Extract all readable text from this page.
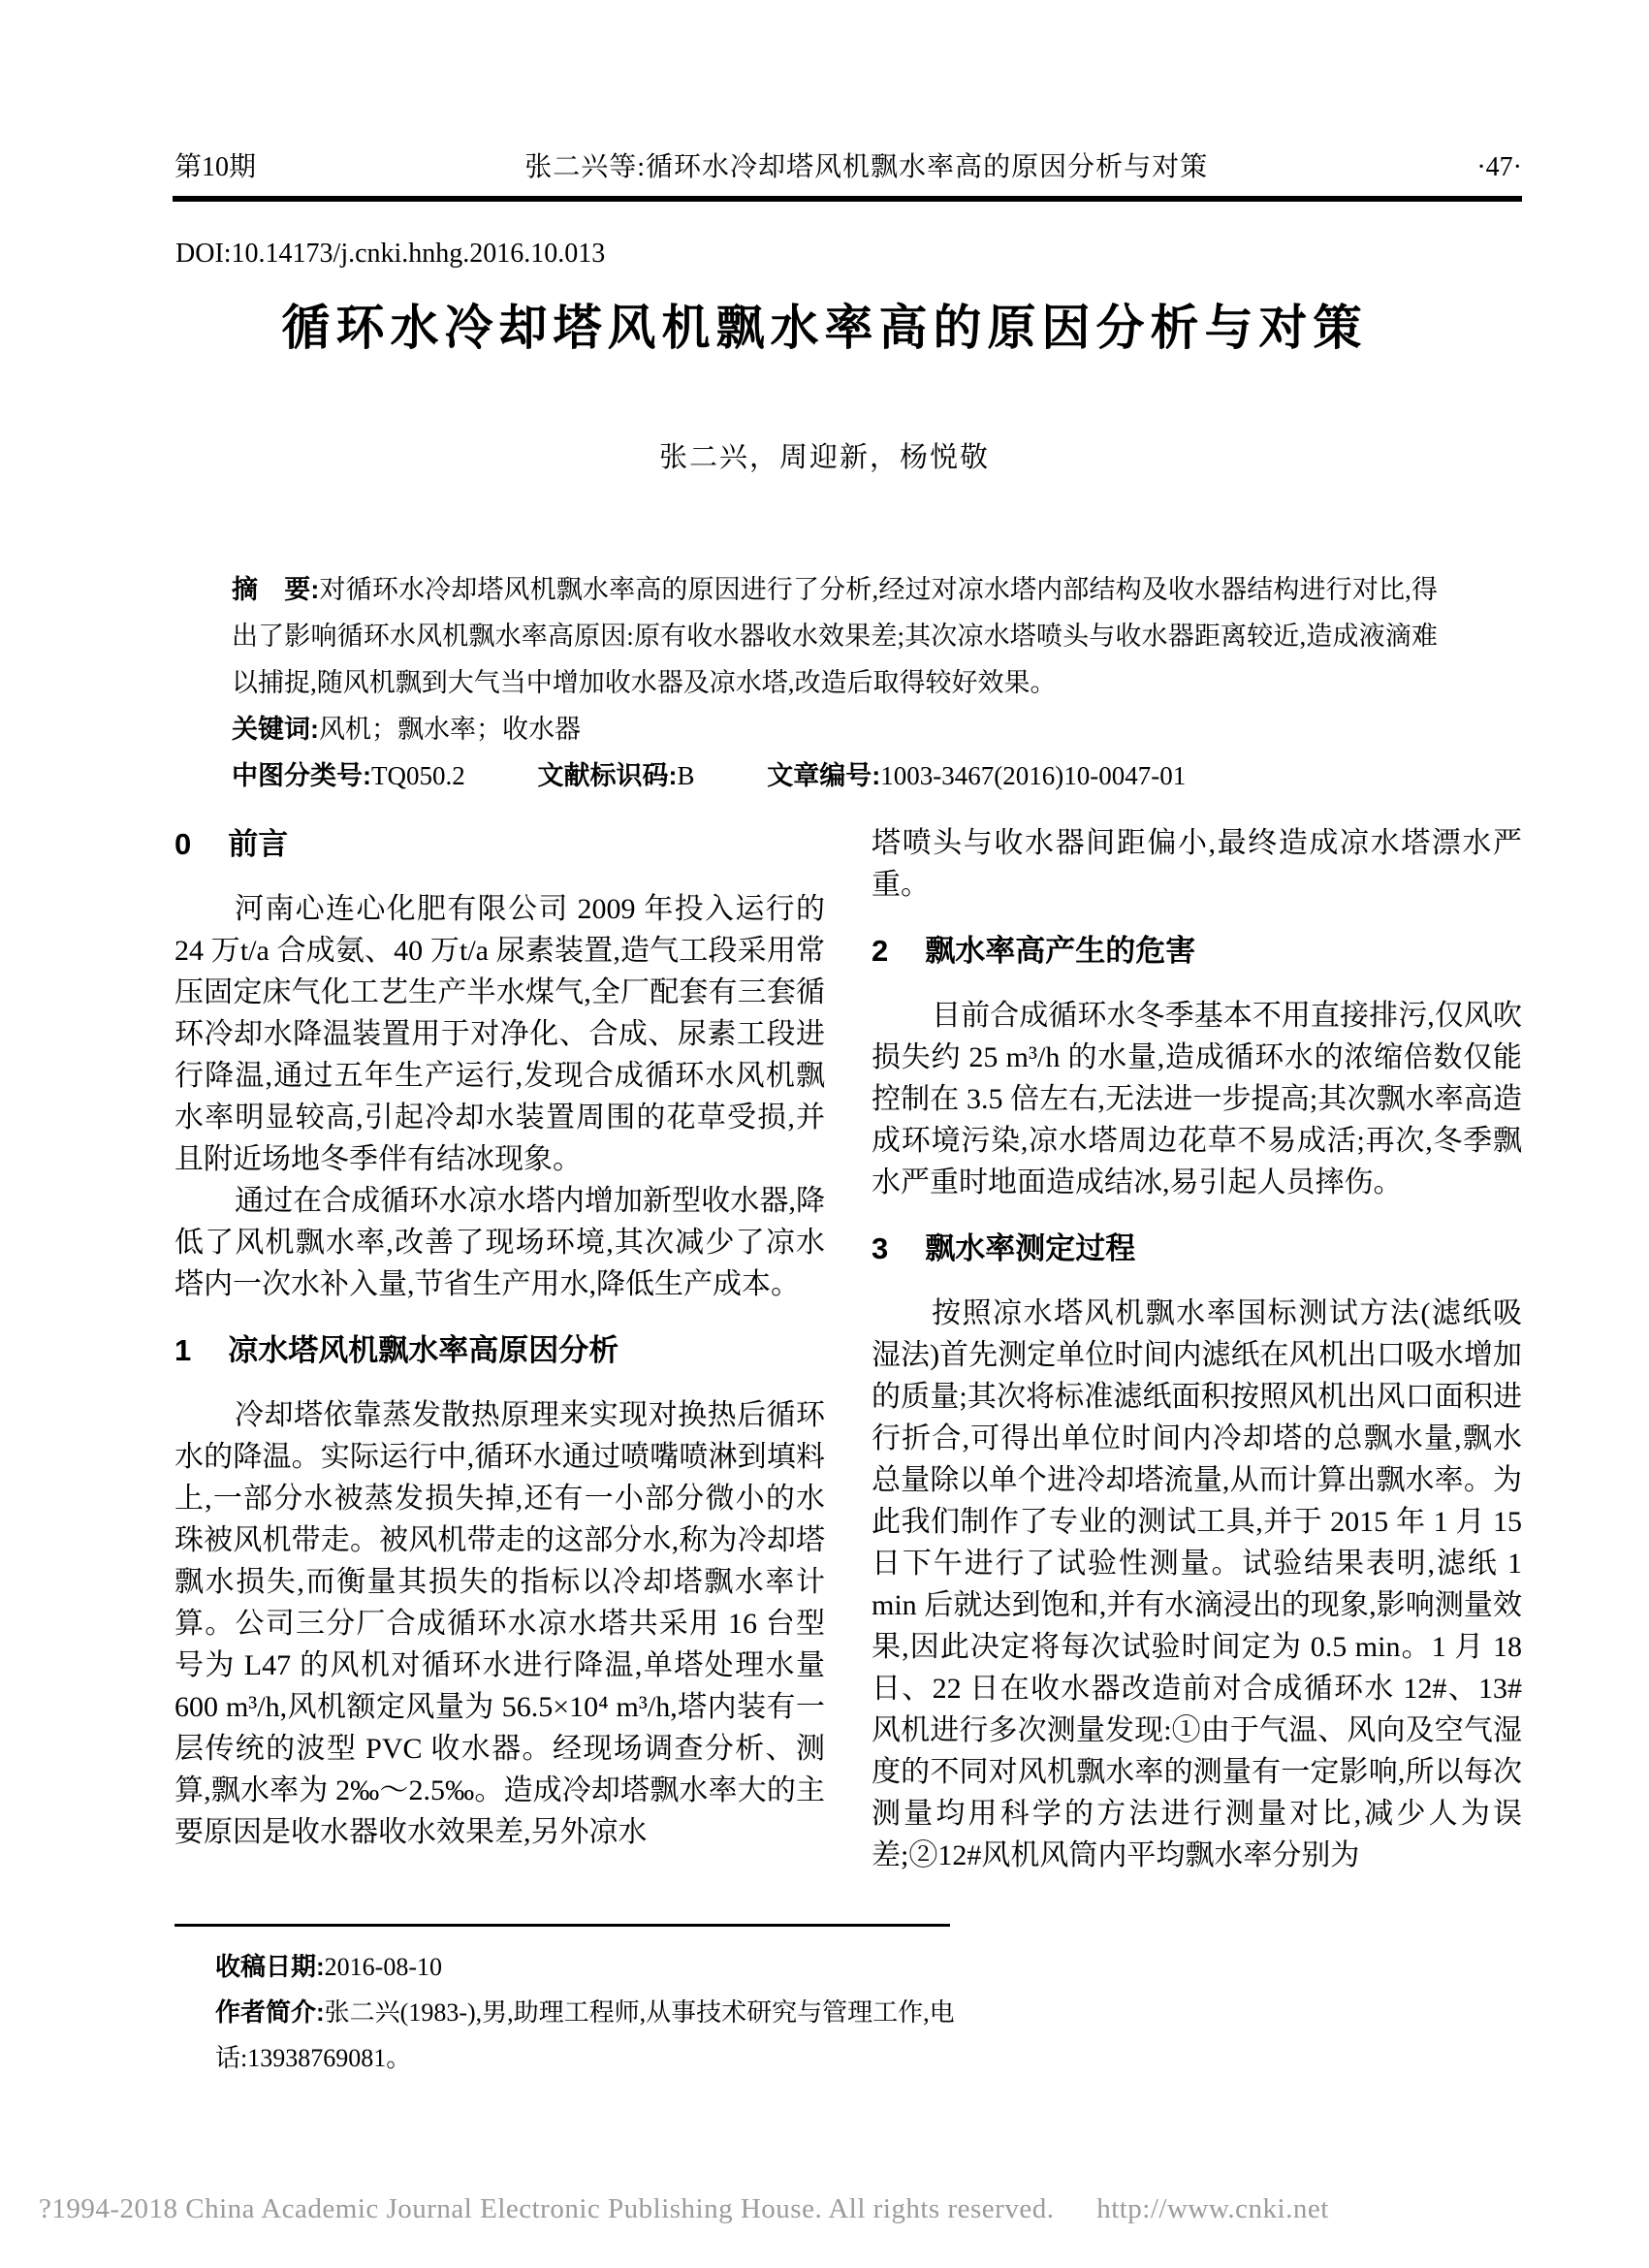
第10期	张二兴等:循环水冷却塔风机飘水率高的原因分析与对策	·47·
DOI:10.14173/j.cnki.hnhg.2016.10.013
循环水冷却塔风机飘水率高的原因分析与对策
张二兴，周迎新，杨悦敬

摘　要:对循环水冷却塔风机飘水率高的原因进行了分析,经过对凉水塔内部结构及收水器结构进行对比,得出了影响循环水风机飘水率高原因:原有收水器收水效果差;其次凉水塔喷头与收水器距离较近,造成液滴难以捕捉,随风机飘到大气当中增加收水器及凉水塔,改造后取得较好效果。

关键词:风机；飘水率；收水器

中图分类号:TQ050.2	文献标识码:B	文章编号:1003-3467(2016)10-0047-01

0 前言

河南心连心化肥有限公司 2009 年投入运行的 24 万t/a 合成氨、40 万t/a 尿素装置,造气工段采用常压固定床气化工艺生产半水煤气,全厂配套有三套循环冷却水降温装置用于对净化、合成、尿素工段进行降温,通过五年生产运行,发现合成循环水风机飘水率明显较高,引起冷却水装置周围的花草受损,并且附近场地冬季伴有结冰现象。

通过在合成循环水凉水塔内增加新型收水器,降低了风机飘水率,改善了现场环境,其次减少了凉水塔内一次水补入量,节省生产用水,降低生产成本。

1 凉水塔风机飘水率高原因分析

冷却塔依靠蒸发散热原理来实现对换热后循环水的降温。实际运行中,循环水通过喷嘴喷淋到填料上,一部分水被蒸发损失掉,还有一小部分微小的水珠被风机带走。被风机带走的这部分水,称为冷却塔飘水损失,而衡量其损失的指标以冷却塔飘水率计算。公司三分厂合成循环水凉水塔共采用 16 台型号为 L47 的风机对循环水进行降温,单塔处理水量 600 m³/h,风机额定风量为 56.5×10⁴ m³/h,塔内装有一层传统的波型 PVC 收水器。经现场调查分析、测算,飘水率为 2‰～2.5‰。造成冷却塔飘水率大的主要原因是收水器收水效果差,另外凉水

塔喷头与收水器间距偏小,最终造成凉水塔漂水严重。

2 飘水率高产生的危害

目前合成循环水冬季基本不用直接排污,仅风吹损失约 25 m³/h 的水量,造成循环水的浓缩倍数仅能控制在 3.5 倍左右,无法进一步提高;其次飘水率高造成环境污染,凉水塔周边花草不易成活;再次,冬季飘水严重时地面造成结冰,易引起人员摔伤。

3 飘水率测定过程

按照凉水塔风机飘水率国标测试方法(滤纸吸湿法)首先测定单位时间内滤纸在风机出口吸水增加的质量;其次将标准滤纸面积按照风机出风口面积进行折合,可得出单位时间内冷却塔的总飘水量,飘水总量除以单个进冷却塔流量,从而计算出飘水率。为此我们制作了专业的测试工具,并于 2015 年 1 月 15 日下午进行了试验性测量。试验结果表明,滤纸 1 min 后就达到饱和,并有水滴浸出的现象,影响测量效果,因此决定将每次试验时间定为 0.5 min。1 月 18 日、22 日在收水器改造前对合成循环水 12#、13#风机进行多次测量发现:①由于气温、风向及空气湿度的不同对风机飘水率的测量有一定影响,所以每次测量均用科学的方法进行测量对比,减少人为误差;②12#风机风筒内平均飘水率分别为

收稿日期:2016-08-10

作者简介:张二兴(1983-),男,助理工程师,从事技术研究与管理工作,电话:13938769081。

?1994-2018 China Academic Journal Electronic Publishing House. All rights reserved. http://www.cnki.net
